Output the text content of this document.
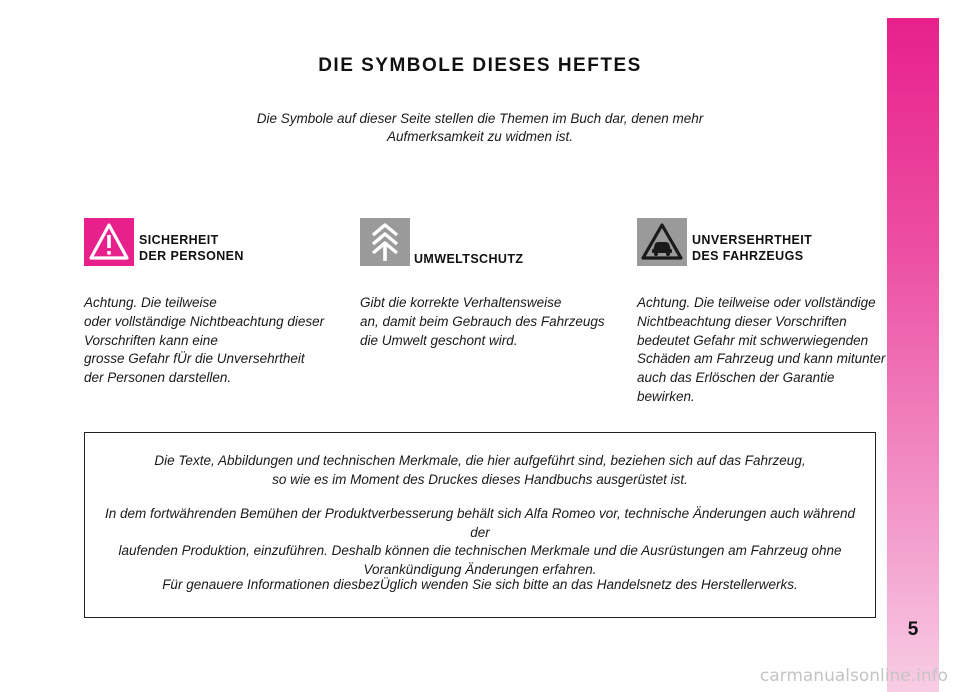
5
DIE SYMBOLE DIESES HEFTES
Die Symbole auf dieser Seite stellen die Themen im Buch dar, denen mehr
Aufmerksamkeit zu widmen ist.
SICHERHEIT
DER PERSONEN
Achtung. Die teilweise
oder vollständige Nichtbeachtung dieser
Vorschriften kann eine
grosse Gefahr fÜr die Unversehrtheit
der Personen darstellen.
UMWELTSCHUTZ
Gibt die korrekte Verhaltensweise
an, damit beim Gebrauch des Fahrzeugs
die Umwelt geschont wird.
UNVERSEHRTHEIT
DES FAHRZEUGS
Achtung. Die teilweise oder vollständige
Nichtbeachtung dieser Vorschriften
bedeutet Gefahr mit schwerwiegenden
Schäden am Fahrzeug und kann mitunter
auch das Erlöschen der Garantie
bewirken.

Die Texte, Abbildungen und technischen Merkmale, die hier aufgeführt sind, beziehen sich auf das Fahrzeug,
so wie es im Moment des Druckes dieses Handbuchs ausgerüstet ist.

In dem fortwährenden Bemühen der Produktverbesserung behält sich Alfa Romeo vor, technische Änderungen auch während der
laufenden Produktion, einzuführen. Deshalb können die technischen Merkmale und die Ausrüstungen am Fahrzeug ohne
Vorankündigung Änderungen erfahren.

Für genauere Informationen diesbezÜglich wenden Sie sich bitte an das Handelsnetz des Herstellerwerks.

carmanualsonline.info
